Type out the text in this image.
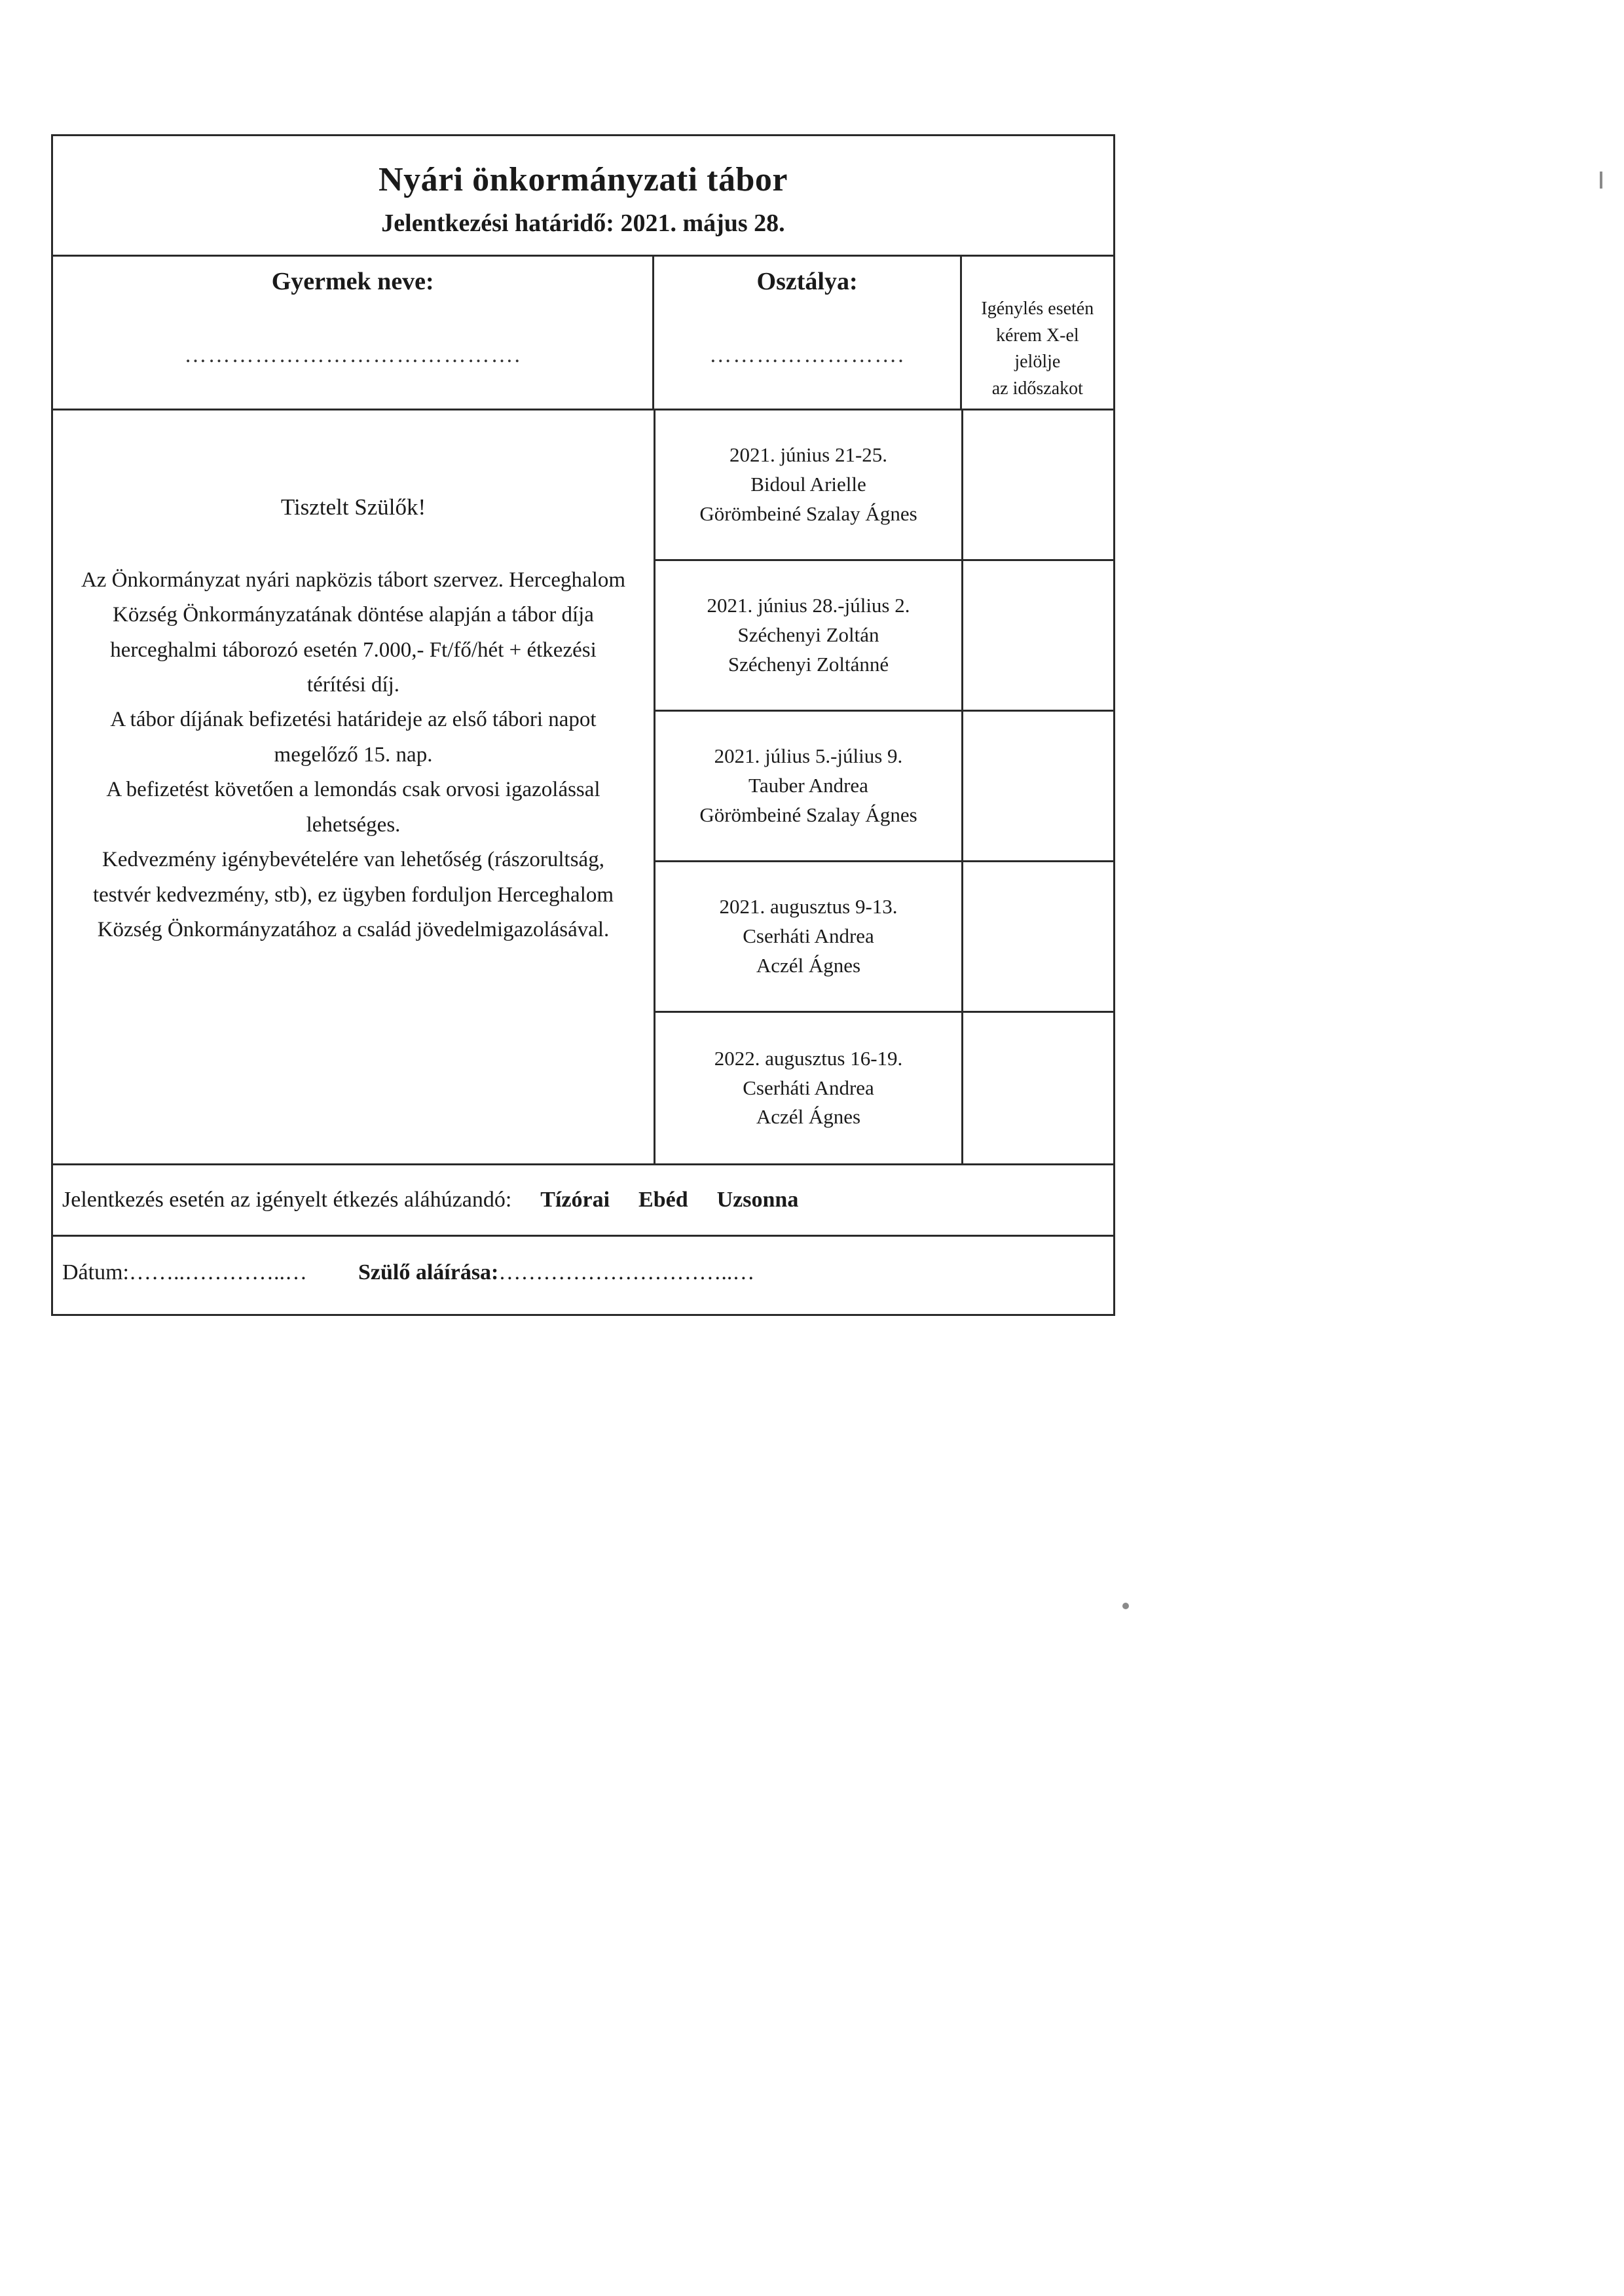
Nyári önkormányzati tábor
Jelentkezési határidő: 2021. május 28.
Gyermek neve:
…………………………………….
Osztálya:
…………………….
Igénylés esetén
kérem X-el jelölje
az időszakot
Tisztelt Szülők!

Az Önkormányzat nyári napközis tábort szervez. Herceghalom Község Önkormányzatának döntése alapján a tábor díja herceghalmi táborozó esetén 7.000,- Ft/fő/hét + étkezési térítési díj.

A tábor díjának befizetési határideje az első tábori napot megelőző 15. nap.

A befizetést követően a lemondás csak orvosi igazolással lehetséges.

Kedvezmény igénybevételére van lehetőség (rászorultság, testvér kedvezmény, stb), ez ügyben forduljon Herceghalom Község Önkormányzatához a család jövedelmigazolásával.

2021. június 21-25.
Bidoul Arielle
Görömbeiné Szalay Ágnes
2021. június 28.-július 2.
Széchenyi Zoltán
Széchenyi Zoltánné
2021. július 5.-július 9.
Tauber Andrea
Görömbeiné Szalay Ágnes
2021. augusztus 9-13.
Cserháti Andrea
Aczél Ágnes
2022. augusztus 16-19.
Cserháti Andrea
Aczél Ágnes
Jelentkezés esetén az igényelt étkezés aláhúzandó: Tízórai Ebéd Uzsonna
Dátum:……..…………..… Szülő aláírása:…………………………..…
